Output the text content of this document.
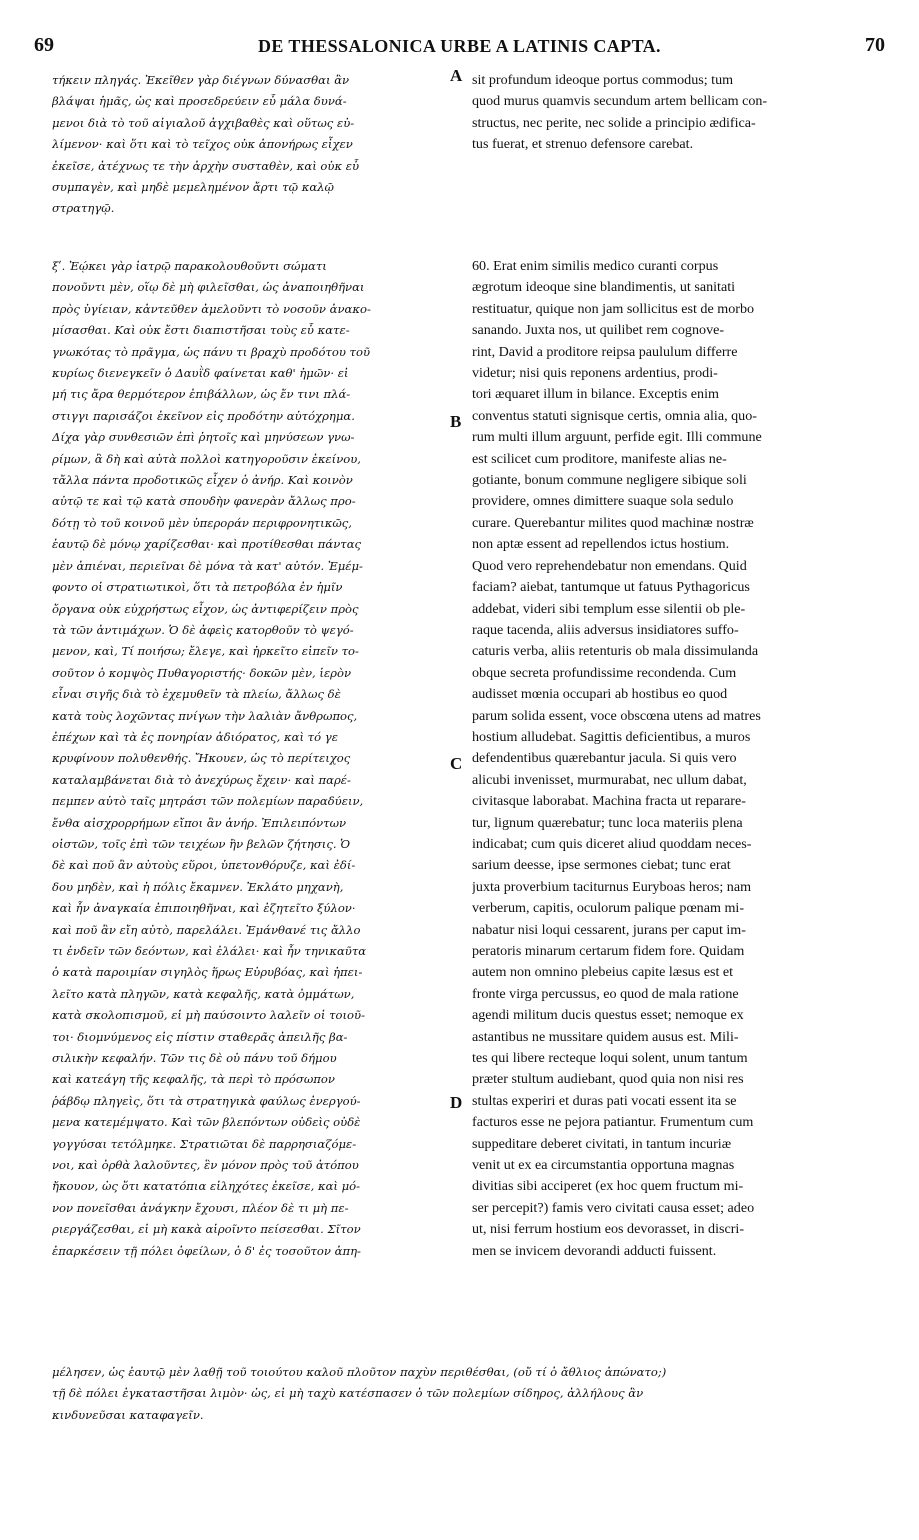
69	DE THESSALONICA URBE A LATINIS CAPTA.	70
τήκειν πληγάς. Ἐκεῖθεν γὰρ διέγνων δύνασθαι ἂν
βλάψαι ἡμᾶς, ὡς καὶ προσεδρεύειν εὖ μάλα δυνά-
μενοι διὰ τὸ τοῦ αἰγιαλοῦ ἀγχιβαθὲς καὶ οὕτως εὐ-
λίμενον· καὶ ὅτι καὶ τὸ τεῖχος οὐκ ἀπονήρως εἶχεν
ἐκεῖσε, ἀτέχνως τε τὴν ἀρχὴν συσταθὲν, καὶ οὐκ εὖ
συμπαγὲν, καὶ μηδὲ μεμελημένον ἄρτι τῷ καλῷ
στρατηγῷ.
ξʹ. Ἐῴκει γὰρ ἰατρῷ παρακολουθοῦντι σώματι
πονοῦντι μὲν, οἵῳ δὲ μὴ φιλεῖσθαι, ὡς ἀναποιηθῆναι
πρὸς ὑγίειαν, κἀντεῦθεν ἀμελοῦντι τὸ νοσοῦν ἀνακο-
μίσασθαι. Καὶ οὐκ ἔστι διαπιστῆσαι τοὺς εὖ κατε-
γνωκότας τὸ πρᾶγμα, ὡς πάνυ τι βραχὺ προδότου τοῦ
κυρίως διενεγκεῖν ὁ Δαυῒδ φαίνεται καθ' ἡμῶν· εἰ
μή τις ἄρα θερμότερον ἐπιβάλλων, ὡς ἔν τινι πλά-
στιγγι παρισάζοι ἐκεῖνον εἰς προδότην αὐτόχρημα.
Δίχα γὰρ συνθεσιῶν ἐπὶ ῥητοῖς καὶ μηνύσεων γνω-
ρίμων, ἃ δὴ καὶ αὐτὰ πολλοὶ κατηγοροῦσιν ἐκείνου,
τἄλλα πάντα προδοτικῶς εἶχεν ὁ ἀνήρ. Καὶ κοινὸν
αὐτῷ τε καὶ τῷ κατὰ σπουδὴν φανερὰν ἄλλως προ-
δότῃ τὸ τοῦ κοινοῦ μὲν ὑπεροράν περιφρονητικῶς,
ἑαυτῷ δὲ μόνῳ χαρίζεσθαι· καὶ προτίθεσθαι πάντας
μὲν ἀπιέναι, περιεῖναι δὲ μόνα τὰ κατ' αὐτόν. Ἐμέμ-
φοντο οἱ στρατιωτικοὶ, ὅτι τὰ πετροβόλα ἐν ἡμῖν
ὄργανα οὐκ εὐχρήστως εἶχον, ὡς ἀντιφερίζειν πρὸς
τὰ τῶν ἀντιμάχων. Ὁ δὲ ἀφεὶς κατορθοῦν τὸ ψεγό-
μενον, καὶ, Τί ποιήσω; ἔλεγε, καὶ ἠρκεῖτο εἰπεῖν το-
σοῦτον ὁ κομψὸς Πυθαγοριστής· δοκῶν μὲν, ἱερὸν
εἶναι σιγῆς διὰ τὸ ἐχεμυθεῖν τὰ πλείω, ἄλλως δὲ
κατὰ τοὺς λοχῶντας πνίγων τὴν λαλιὰν ἄνθρωπος,
ἐπέχων καὶ τὰ ἐς πονηρίαν ἀδιόρατος, καὶ τό γε
κρυφίνουν πολυθενθής. Ἤκουεν, ὡς τὸ περίτειχος
καταλαμβάνεται διὰ τὸ ἀνεχύρως ἔχειν· καὶ παρέ-
πεμπεν αὐτὸ ταῖς μητράσι τῶν πολεμίων παραδύειν,
ἔνθα αἰσχρορρήμων εἴποι ἂν ἀνήρ. Ἐπιλειπόντων
οἰστῶν, τοῖς ἐπὶ τῶν τειχέων ἢν βελῶν ζήτησις. Ὁ
δὲ καὶ ποῦ ἂν αὐτοὺς εὕροι, ὑπετονθόρυζε, καὶ ἐδί-
δου μηδὲν, καὶ ἡ πόλις ἔκαμνεν. Ἐκλάτο μηχανὴ,
καὶ ἦν ἀναγκαία ἐπιποιηθῆναι, καὶ ἐζητεῖτο ξύλον·
καὶ ποῦ ἂν εἴη αὐτὸ, παρελάλει. Ἐμάνθανέ τις ἄλλο
τι ἐνδεῖν τῶν δεόντων, καὶ ἐλάλει· καὶ ἦν τηνικαῦτα
ὁ κατὰ παροιμίαν σιγηλὸς ἥρως Εὐρυβόας, καὶ ἠπει-
λεῖτο κατὰ πληγῶν, κατὰ κεφαλῆς, κατὰ ὀμμάτων,
κατὰ σκολοπισμοῦ, εἰ μὴ παύσοιντο λαλεῖν οἱ τοιοῦ-
τοι· διομνύμενος εἰς πίστιν σταθερᾶς ἀπειλῆς βα-
σιλικὴν κεφαλήν. Τῶν τις δὲ οὐ πάνυ τοῦ δήμου
καὶ κατεάγη τῆς κεφαλῆς, τὰ περὶ τὸ πρόσωπον
ῥάβδῳ πληγεὶς, ὅτι τὰ στρατηγικὰ φαύλως ἐνεργού-
μενα κατεμέμψατο. Καὶ τῶν βλεπόντων οὐδεὶς οὐδὲ
γογγύσαι τετόλμηκε. Στρατιῶται δὲ παρρησιαζόμε-
νοι, καὶ ὀρθὰ λαλοῦντες, ἓν μόνον πρὸς τοῦ ἀτόπου
ἤκουον, ὡς ὅτι κατατόπια εἰληχότες ἐκεῖσε, καὶ μό-
νον πονεῖσθαι ἀνάγκην ἔχουσι, πλέον δὲ τι μὴ πε-
ριεργάζεσθαι, εἰ μὴ κακὰ αἱροῖντο πείσεσθαι. Σῖτον
ἐπαρκέσειν τῇ πόλει ὀφείλων, ὁ δ' ἐς τοσοῦτον ἀπη-
sit profundum ideoque portus commodus; tum
quod murus quamvis secundum artem bellicam con-
structus, nec perite, nec solide a principio ædifica-
tus fuerat, et strenuo defensore carebat.
60. Erat enim similis medico curanti corpus
ægrotum ideoque sine blandimentis, ut sanitati
restituatur, quique non jam sollicitus est de morbo
sanando. Juxta nos, ut quilibet rem cognove-
rint, David a proditore reipsa paululum differre
videtur; nisi quis reponens ardentius, prodi-
tori æquaret illum in bilance. Exceptis enim
conventus statuti signisque certis, omnia alia, quo-
rum multi illum arguunt, perfide egit. Illi commune
est scilicet cum proditore, manifeste alias ne-
gotiante, bonum commune negligere sibique soli
providere, omnes dimittere suaque sola sedulo
curare. Querebantur milites quod machinæ nostræ
non aptæ essent ad repellendos ictus hostium.
Quod vero reprehendebatur non emendans. Quid
faciam? aiebat, tantumque ut fatuus Pythagoricus
addebat, videri sibi templum esse silentii ob ple-
raque tacenda, aliis adversus insidiatores suffo-
caturis verba, aliis retenturis ob mala dissimulanda
obque secreta profundissime recondenda. Cum
audisset mœnia occupari ab hostibus eo quod
parum solida essent, voce obscœna utens ad matres
hostium alludebat. Sagittis deficientibus, a muros
defendentibus quærebantur jacula. Si quis vero
alicubi invenisset, murmurabat, nec ullum dabat,
civitasque laborabat. Machina fracta ut reparare-
tur, lignum quærebatur; tunc loca materiis plena
indicabat; cum quis diceret aliud quoddam neces-
sarium deesse, ipse sermones ciebat; tunc erat
juxta proverbium taciturnus Euryboas heros; nam
verberum, capitis, oculorum palique pœnam mi-
nabatur nisi loqui cessarent, jurans per caput im-
peratoris minarum certarum fidem fore. Quidam
autem non omnino plebeius capite læsus est et
fronte virga percussus, eo quod de mala ratione
agendi militum ducis questus esset; nemoque ex
astantibus ne mussitare quidem ausus est. Mili-
tes qui libere recteque loqui solent, unum tantum
præter stultum audiebant, quod quia non nisi res
stultas experiri et duras pati vocati essent ita se
facturos esse ne pejora patiantur. Frumentum cum
suppeditare deberet civitati, in tantum incuriæ
venit ut ex ea circumstantia opportuna magnas
divitias sibi acciperet (ex hoc quem fructum mi-
ser percepit?) famis vero civitati causa esset; adeo
ut, nisi ferrum hostium eos devorasset, in discri-
men se invicem devorandi adducti fuissent.
μέλησεν, ὡς ἑαυτῷ μὲν λαθῇ τοῦ τοιούτου καλοῦ πλοῦτον παχὺν περιθέσθαι, (οὔ τί ὁ ἄθλιος ἀπώνατο;)
τῇ δὲ πόλει ἐγκαταστῆσαι λιμὸν· ὡς, εἰ μὴ ταχὺ κατέσπασεν ὁ τῶν πολεμίων σίδηρος, ἀλλήλους ἂν
κινδυνεῦσαι καταφαγεῖν.
A
B
C
D
